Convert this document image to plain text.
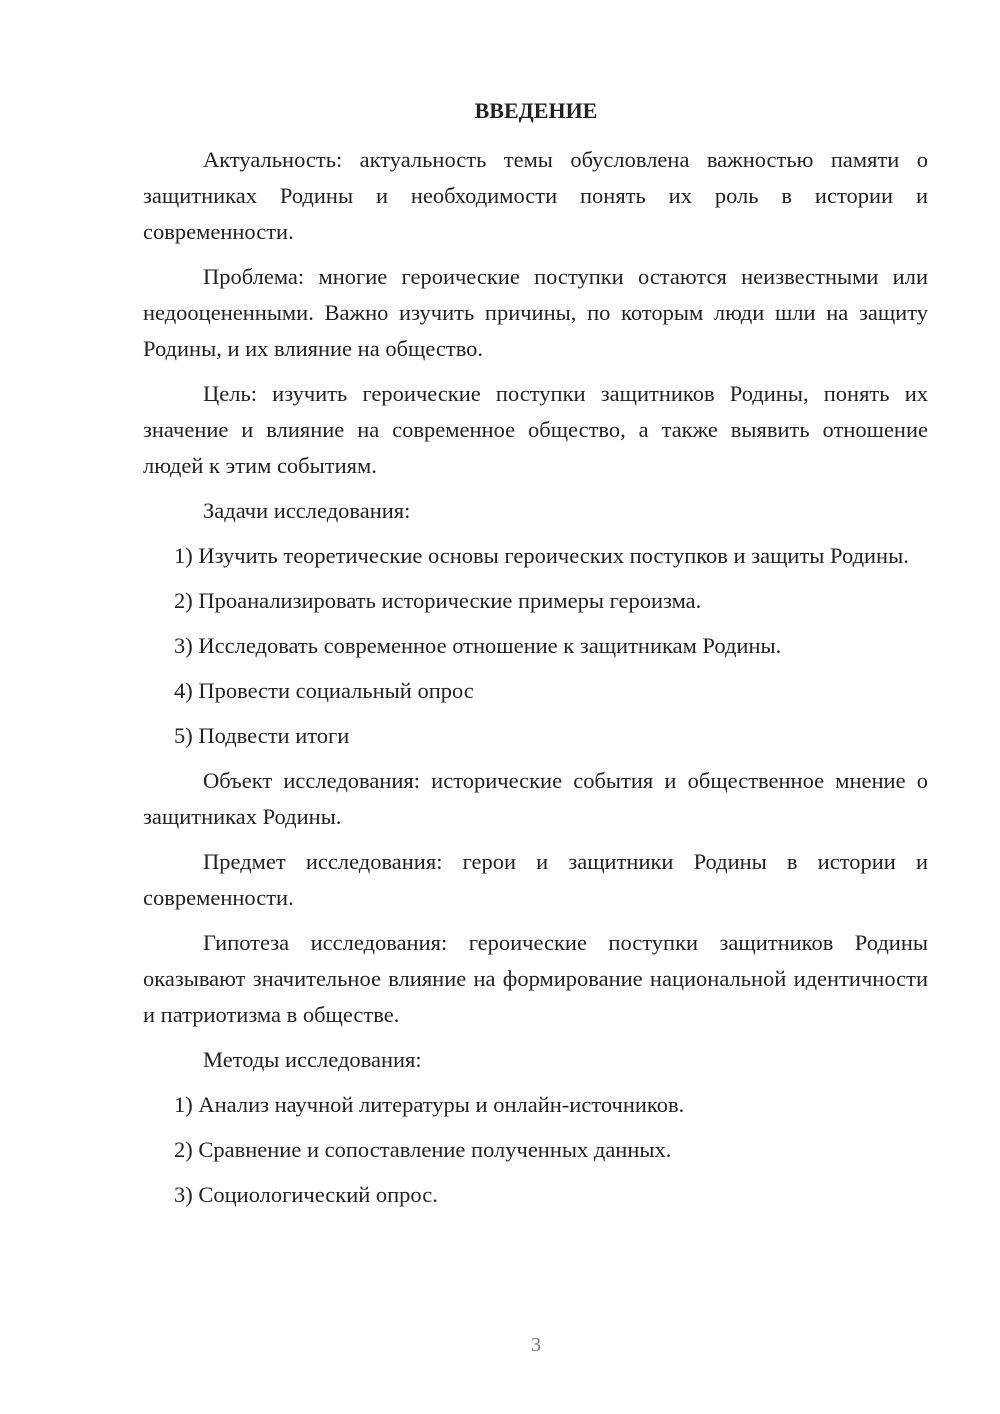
ВВЕДЕНИЕ

Актуальность: актуальность темы обусловлена важностью памяти о защитниках Родины и необходимости понять их роль в истории и современности.

Проблема: многие героические поступки остаются неизвестными или недооцененными. Важно изучить причины, по которым люди шли на защиту Родины, и их влияние на общество.

Цель: изучить героические поступки защитников Родины, понять их значение и влияние на современное общество, а также выявить отношение людей к этим событиям.

Задачи исследования:

1) Изучить теоретические основы героических поступков и защиты Родины.

2) Проанализировать исторические примеры героизма.

3) Исследовать современное отношение к защитникам Родины.

4) Провести социальный опрос

5) Подвести итоги

Объект исследования: исторические события и общественное мнение о защитниках Родины.

Предмет исследования: герои и защитники Родины в истории и современности.

Гипотеза исследования: героические поступки защитников Родины оказывают значительное влияние на формирование национальной идентичности и патриотизма в обществе.

Методы исследования:

1) Анализ научной литературы и онлайн-источников.

2) Сравнение и сопоставление полученных данных.

3) Социологический опрос.

3
